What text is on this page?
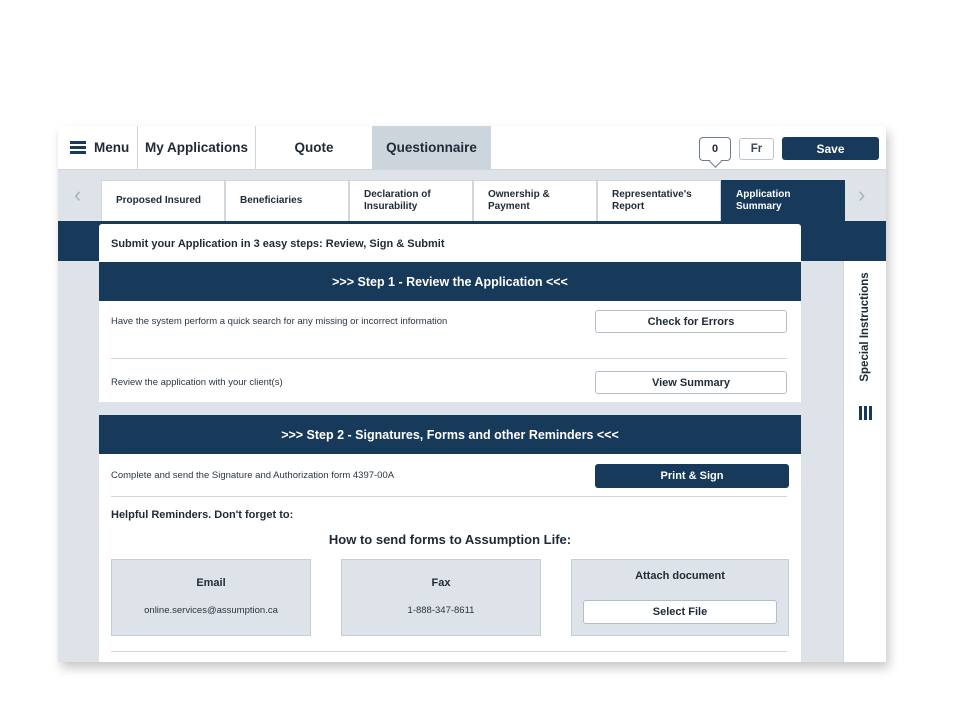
Menu	My Applications	Quote	Questionnaire	0	Fr	Save
‹	›
Proposed Insured	Beneficiaries
Declaration of Insurability
Ownership & Payment
Representative's Report
Application Summary
Submit your Application in 3 easy steps: Review, Sign & Submit
>>> Step 1 - Review the Application <<<
Have the system perform a quick search for any missing or incorrect information	Check for Errors
Review the application with your client(s)	View Summary
>>> Step 2 - Signatures, Forms and other Reminders <<<
Complete and send the Signature and Authorization form 4397-00A	Print & Sign
Helpful Reminders. Don't forget to:
How to send forms to Assumption Life:
Email
online.services@assumption.ca
Fax
1-888-347-8611
Attach document
Select File
Special Instructions
